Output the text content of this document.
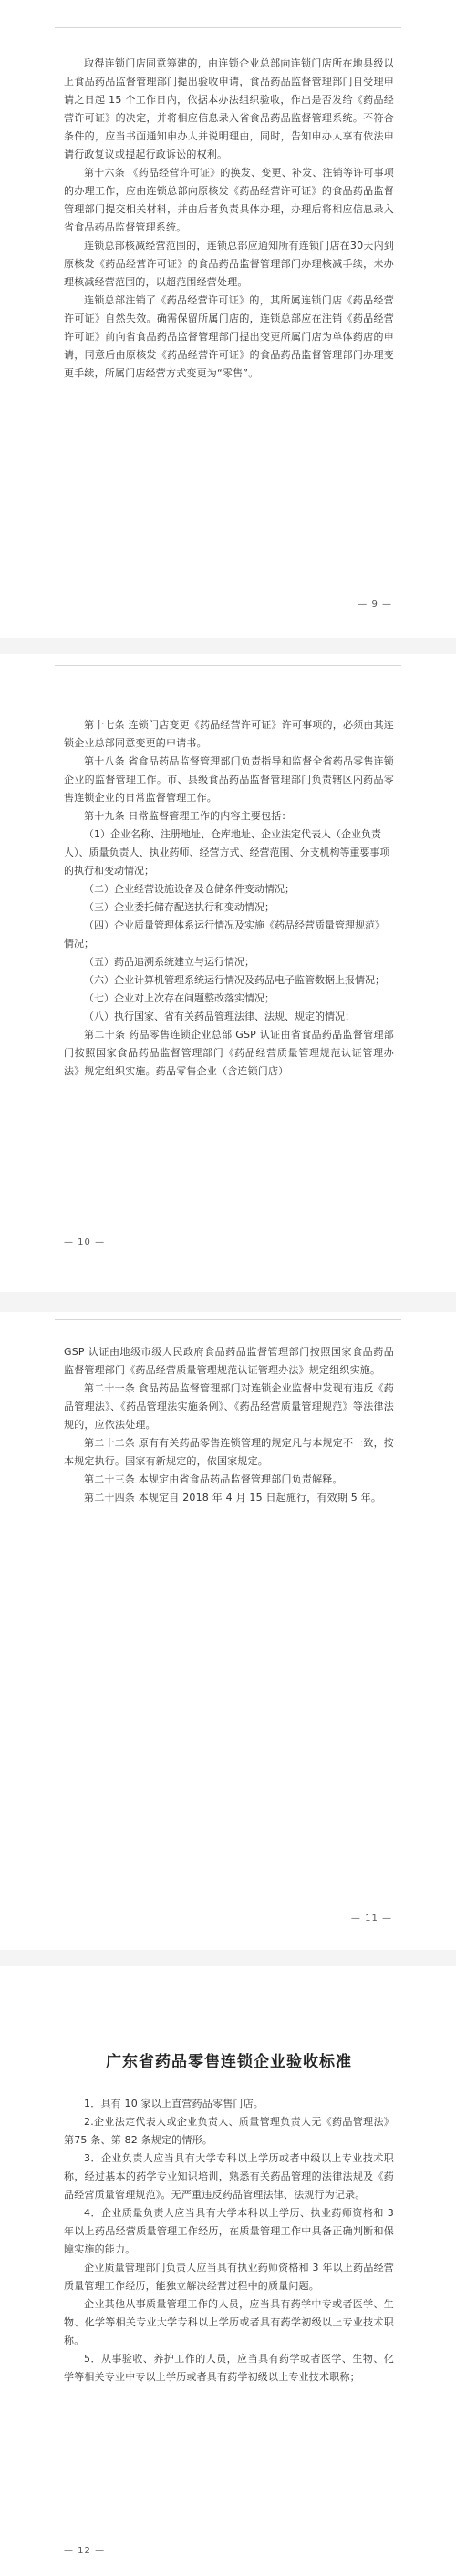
取得连锁门店同意筹建的，由连锁企业总部向连锁门店所在地县级以上食品药品监督管理部门提出验收申请，食品药品监督管理部门自受理申请之日起 15 个工作日内，依据本办法组织验收，作出是否发给《药品经营许可证》的决定，并将相应信息录入省食品药品监督管理系统。不符合条件的，应当书面通知申办人并说明理由，同时，告知申办人享有依法申请行政复议或提起行政诉讼的权利。

第十六条 《药品经营许可证》的换发、变更、补发、注销等许可事项的办理工作，应由连锁总部向原核发《药品经营许可证》的食品药品监督管理部门提交相关材料，并由后者负责具体办理，办理后将相应信息录入省食品药品监督管理系统。

连锁总部核减经营范围的，连锁总部应通知所有连锁门店在30天内到原核发《药品经营许可证》的食品药品监督管理部门办理核减手续，未办理核减经营范围的，以超范围经营处理。

连锁总部注销了《药品经营许可证》的，其所属连锁门店《药品经营许可证》自然失效。确需保留所属门店的，连锁总部应在注销《药品经营许可证》前向省食品药品监督管理部门提出变更所属门店为单体药店的申请，同意后由原核发《药品经营许可证》的食品药品监督管理部门办理变更手续，所属门店经营方式变更为“零售”。

— 9 —

第十七条 连锁门店变更《药品经营许可证》许可事项的，必须由其连锁企业总部同意变更的申请书。

第十八条 省食品药品监督管理部门负责指导和监督全省药品零售连锁企业的监督管理工作。市、县级食品药品监督管理部门负责辖区内药品零售连锁企业的日常监督管理工作。

第十九条 日常监督管理工作的内容主要包括：

（1）企业名称、注册地址、仓库地址、企业法定代表人（企业负责人）、质量负责人、执业药师、经营方式、经营范围、分支机构等重要事项的执行和变动情况；

（二）企业经营设施设备及仓储条件变动情况；

（三）企业委托储存配送执行和变动情况；

（四）企业质量管理体系运行情况及实施《药品经营质量管理规范》情况；

（五）药品追溯系统建立与运行情况；

（六）企业计算机管理系统运行情况及药品电子监管数据上报情况；

（七）企业对上次存在问题整改落实情况；

（八）执行国家、省有关药品管理法律、法规、规定的情况；

第二十条 药品零售连锁企业总部 GSP 认证由省食品药品监督管理部门按照国家食品药品监督管理部门《药品经营质量管理规范认证管理办法》规定组织实施。药品零售企业（含连锁门店）

— 10 —

GSP 认证由地级市级人民政府食品药品监督管理部门按照国家食品药品监督管理部门《药品经营质量管理规范认证管理办法》规定组织实施。

第二十一条 食品药品监督管理部门对连锁企业监督中发现有违反《药品管理法》、《药品管理法实施条例》、《药品经营质量管理规范》等法律法规的，应依法处理。

第二十二条 原有有关药品零售连锁管理的规定凡与本规定不一致，按本规定执行。国家有新规定的，依国家规定。

第二十三条 本规定由省食品药品监督管理部门负责解释。

第二十四条 本规定自 2018 年 4 月 15 日起施行，有效期 5 年。

— 11 —

广东省药品零售连锁企业验收标准

1．具有 10 家以上直营药品零售门店。

2.企业法定代表人或企业负责人、质量管理负责人无《药品管理法》第75 条、第 82 条规定的情形。

3．企业负责人应当具有大学专科以上学历或者中级以上专业技术职称，经过基本的药学专业知识培训，熟悉有关药品管理的法律法规及《药品经营质量管理规范》。无严重违反药品管理法律、法规行为记录。

4．企业质量负责人应当具有大学本科以上学历、执业药师资格和 3 年以上药品经营质量管理工作经历，在质量管理工作中具备正确判断和保障实施的能力。

企业质量管理部门负责人应当具有执业药师资格和 3 年以上药品经营质量管理工作经历，能独立解决经营过程中的质量问题。

企业其他从事质量管理工作的人员，应当具有药学中专或者医学、生物、化学等相关专业大学专科以上学历或者具有药学初级以上专业技术职称。

5．从事验收、养护工作的人员，应当具有药学或者医学、生物、化学等相关专业中专以上学历或者具有药学初级以上专业技术职称；

— 12 —
